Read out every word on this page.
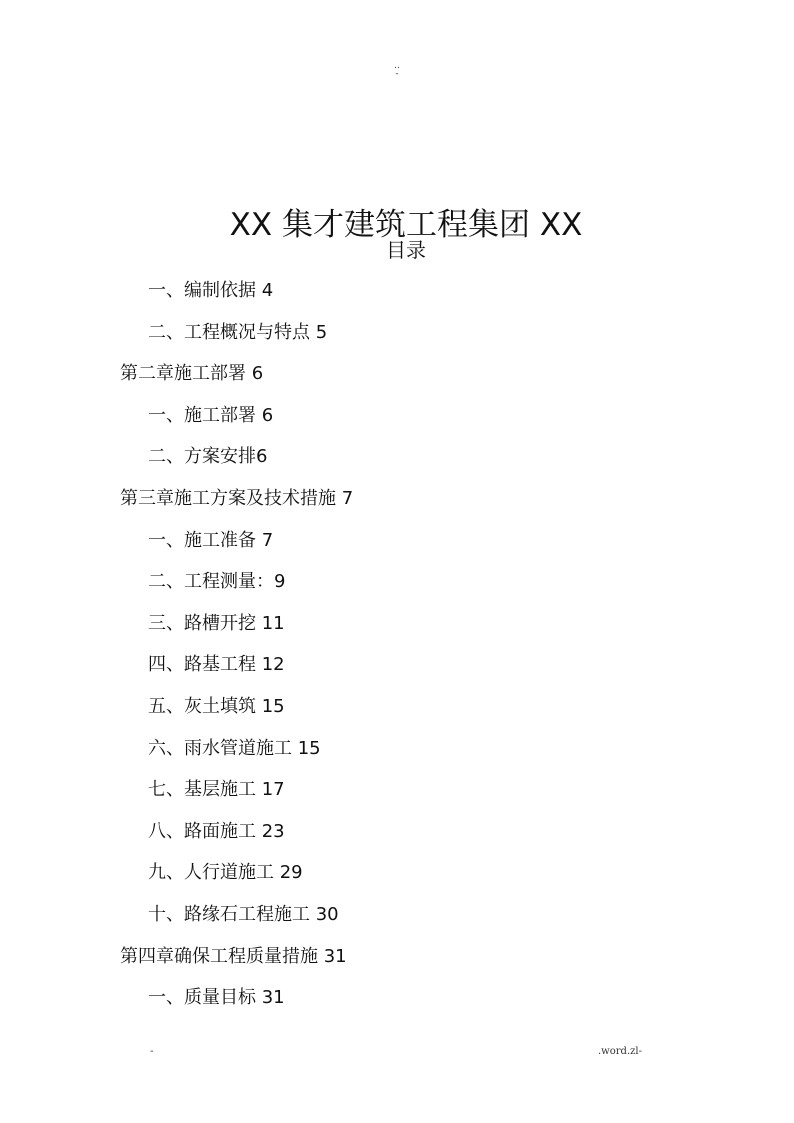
..
-
XX 集才建筑工程集团 XX
目录
一、编制依据 4
二、工程概况与特点 5
第二章施工部署 6
一、施工部署 6
二、方案安排6
第三章施工方案及技术措施 7
一、施工准备 7
二、工程测量：9
三、路槽开挖 11
四、路基工程 12
五、灰土填筑 15
六、雨水管道施工 15
七、基层施工 17
八、路面施工 23
九、人行道施工 29
十、路缘石工程施工 30
第四章确保工程质量措施 31
一、质量目标 31
-	.word.zl-
